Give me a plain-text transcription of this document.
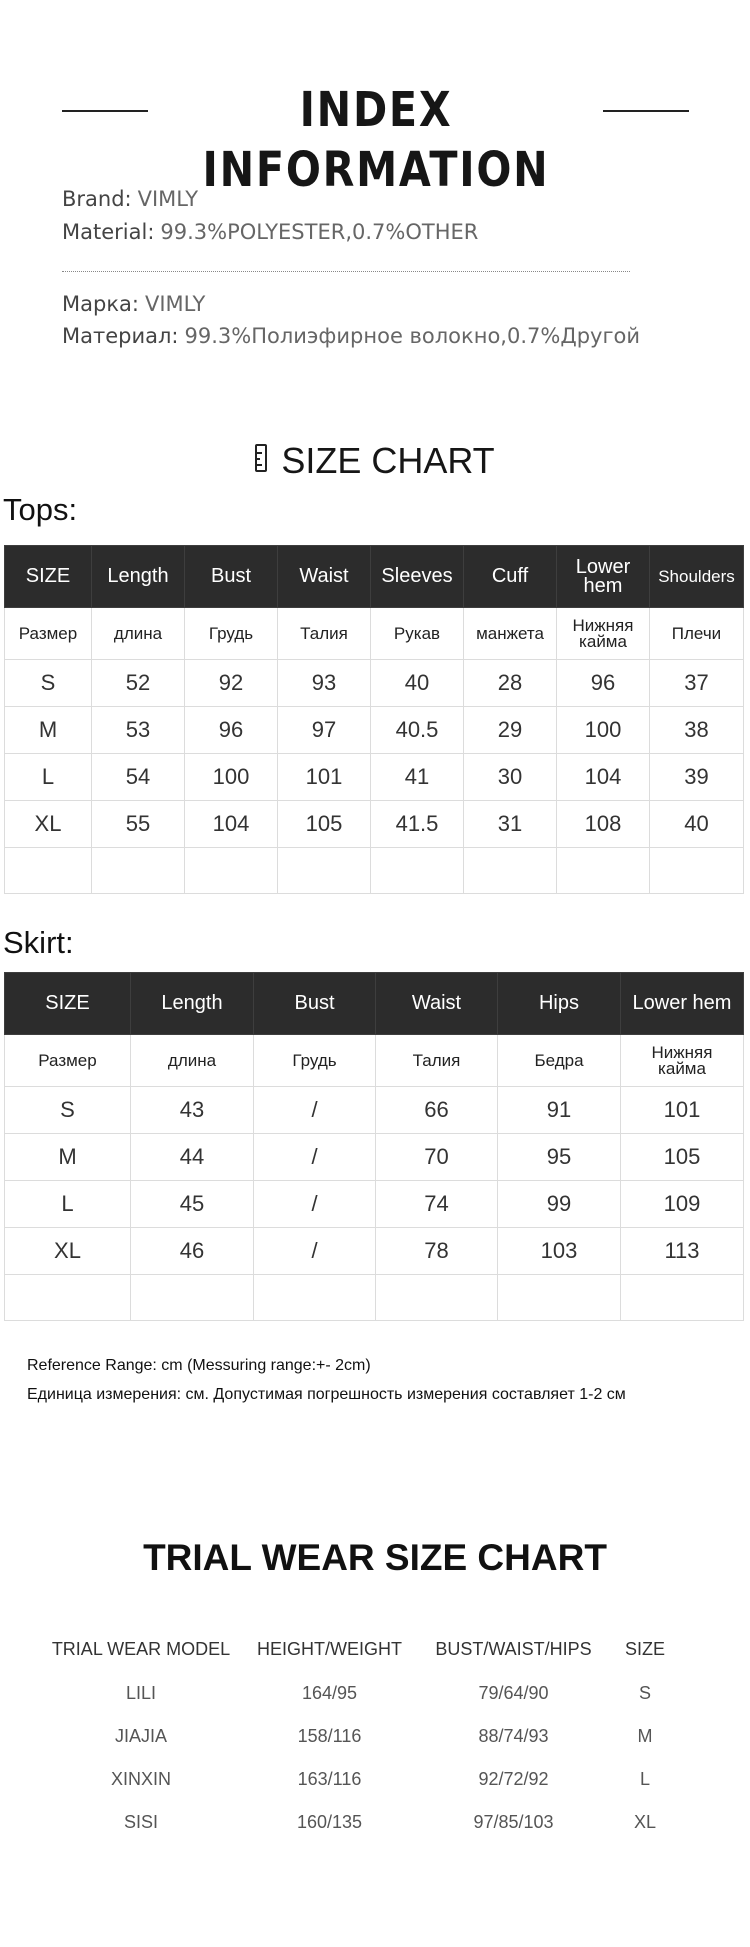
INDEX INFORMATION
Brand: VIMLY
Material: 99.3%POLYESTER,0.7%OTHER
Марка: VIMLY
Материал: 99.3%Полиэфирное волокно,0.7%Другой
SIZE CHART
Tops:
SIZE	Length	Bust	Waist	Sleeves	Cuff	Lower hem	Shoulders
Размер	длина	Грудь	Талия	Рукав	манжета	Нижняя кайма	Плечи
S	52	92	93	40	28	96	37
M	53	96	97	40.5	29	100	38
L	54	100	101	41	30	104	39
XL	55	104	105	41.5	31	108	40

Skirt:
SIZE	Length	Bust	Waist	Hips	Lower hem
Размер	длина	Грудь	Талия	Бедра	Нижняя кайма
S	43	/	66	91	101
M	44	/	70	95	105
L	45	/	74	99	109
XL	46	/	78	103	113

Reference Range: cm (Messuring range:+- 2cm)
Единица измерения: см. Допустимая погрешность измерения составляет 1-2 см
TRIAL WEAR SIZE CHART
TRIAL WEAR MODEL	HEIGHT/WEIGHT	BUST/WAIST/HIPS	SIZE
LILI	164/95	79/64/90	S
JIAJIA	158/116	88/74/93	M
XINXIN	163/116	92/72/92	L
SISI	160/135	97/85/103	XL
